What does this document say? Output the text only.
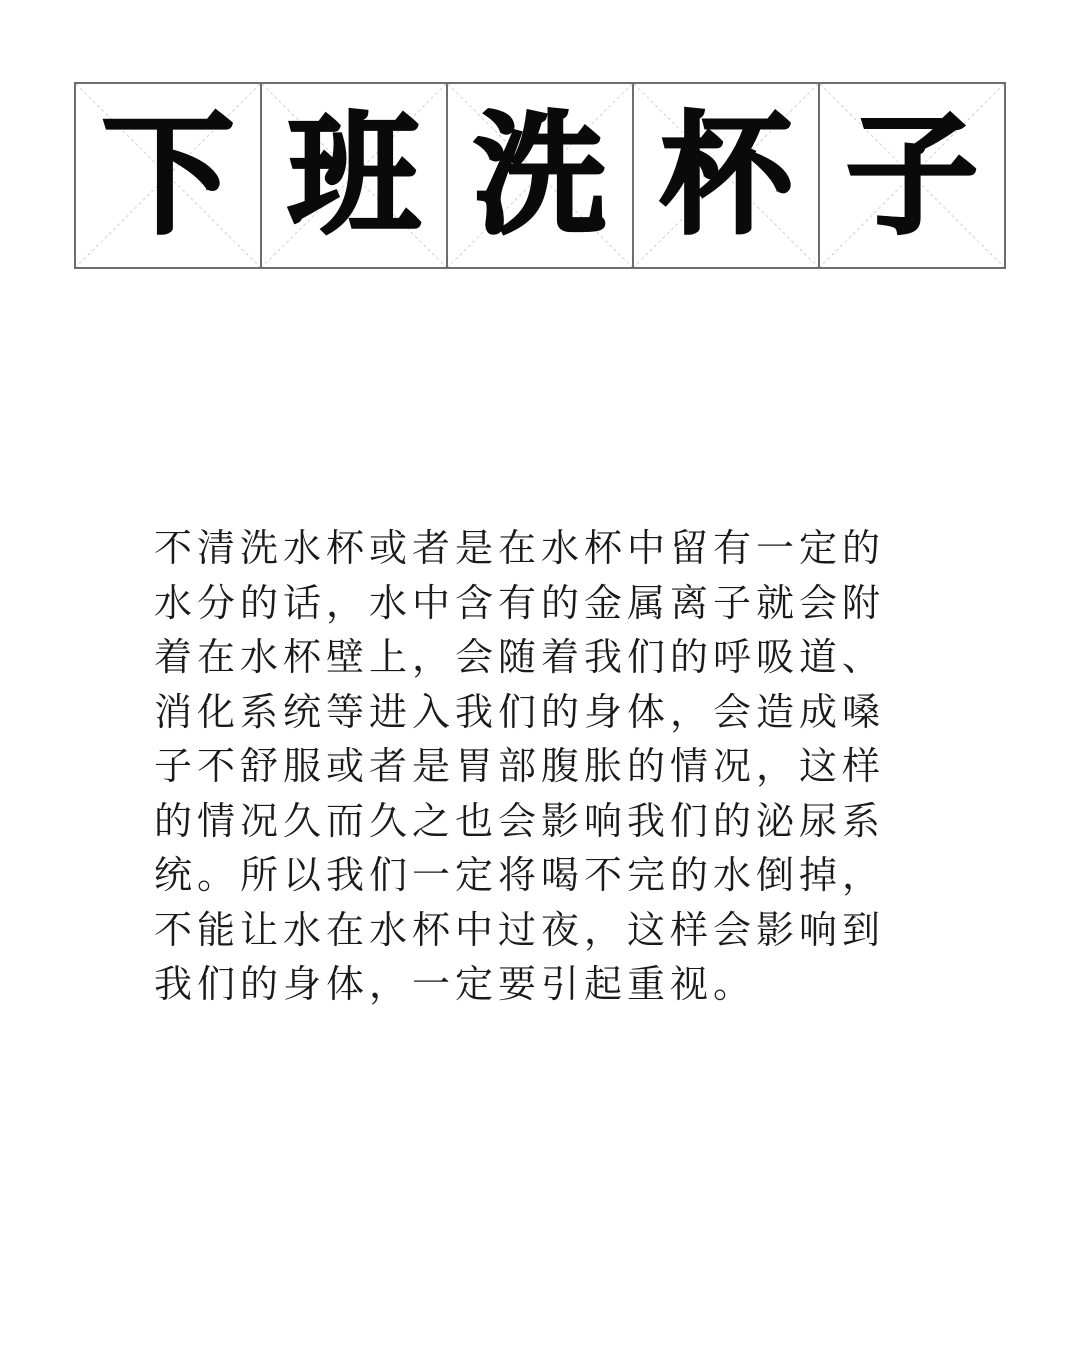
下 班 洗 杯 子

不清洗水杯或者是在水杯中留有一定的
水分的话，水中含有的金属离子就会附
着在水杯壁上，会随着我们的呼吸道、
消化系统等进入我们的身体，会造成嗓
子不舒服或者是胃部腹胀的情况，这样
的情况久而久之也会影响我们的泌尿系
统。所以我们一定将喝不完的水倒掉，
不能让水在水杯中过夜，这样会影响到
我们的身体，一定要引起重视。
